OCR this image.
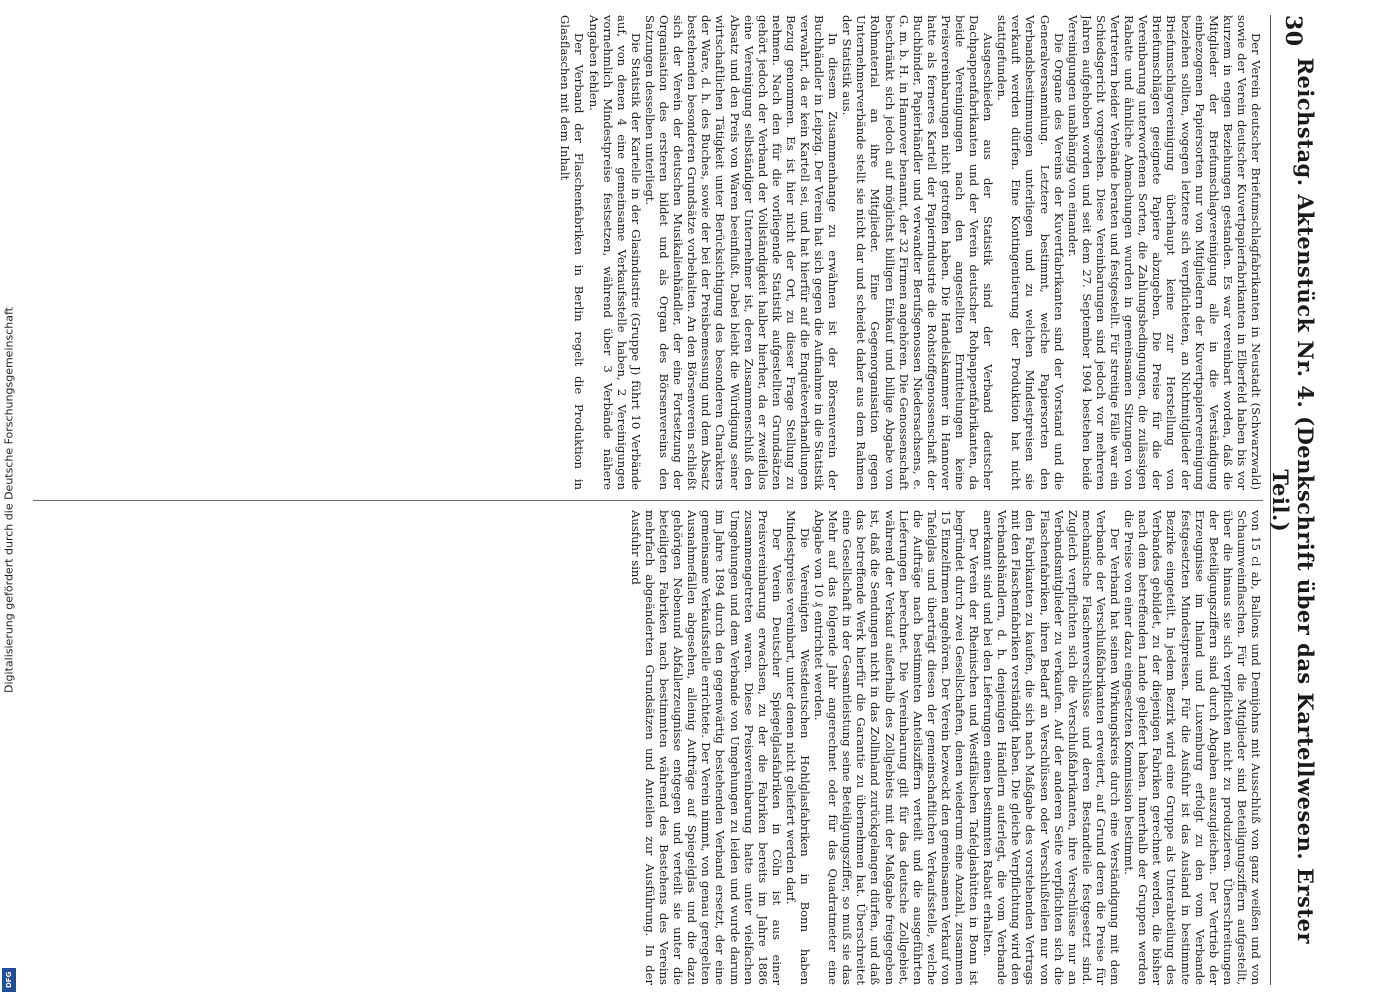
Digitalisierung gefördert durch die Deutsche Forschungsgemeinschaft
DFG
30
Reichstag. Aktenstück Nr. 4. (Denkschrift über das Kartellwesen. Erster Teil.)

Der Verein deutscher Briefumschlagfabrikanten in Neustadt (Schwarzwald) sowie der Verein deutscher Kuvertpapierfabrikanten in Elberfeld haben bis vor kurzem in engen Beziehungen gestanden. Es war vereinbart worden, daß die Mitglieder der Briefumschlagvereinigung alle in die Verständigung einbezogenen Papiersorten nur von Mitgliedern der Kuvertpapiervereinigung beziehen sollten, wogegen letztere sich verpflichteten, an Nichtmitglieder der Briefumschlagvereinigung überhaupt keine zur Herstellung von Briefumschlägen geeignete Papiere abzugeben. Die Preise für die der Vereinbarung unterworfenen Sorten, die Zahlungsbedingungen, die zulässigen Rabatte und ähnliche Abmachungen wurden in gemeinsamen Sitzungen von Vertretern beider Verbände beraten und festgestellt. Für streitige Fälle war ein Schiedsgericht vorgesehen. Diese Vereinbarungen sind jedoch vor mehreren Jahren aufgehoben worden und seit dem 27. September 1904 bestehen beide Vereinigungen unabhängig von einander.

Die Organe des Vereins der Kuvertfabrikanten sind der Vorstand und die Generalversammlung. Letztere bestimmt, welche Papiersorten den Verbandsbestimmungen unterliegen und zu welchen Mindestpreisen sie verkauft werden dürfen. Eine Kontingentierung der Produktion hat nicht stattgefunden.

Ausgeschieden aus der Statistik sind der Verband deutscher Dachpappenfabrikanten und der Verein deutscher Rohpappenfabrikanten, da beide Vereinigungen nach den angestellten Ermittelungen keine Preisvereinbarungen nicht getroffen haben. Die Handelskammer in Hannover hatte als ferneres Kartell der Papierindustrie die Rohstoffgenossenschaft der Buchbinder, Papierhändler und verwandter Berufsgenossen Niedersachsens, e. G. m. b. H. in Hannover benannt, der 32 Firmen angehören. Die Genossenschaft beschränkt sich jedoch auf möglichst billigen Einkauf und billige Abgabe von Rohmaterial an ihre Mitglieder. Eine Gegenorganisation gegen Unternehmerverbände stellt sie nicht dar und scheidet daher aus dem Rahmen der Statistik aus.

In diesem Zusammenhange zu erwähnen ist der Börsenverein der Buchhändler in Leipzig. Der Verein hat sich gegen die Aufnahme in die Statistik verwahrt, da er kein Kartell sei, und hat hierfür auf die Enquêteverhandlungen Bezug genommen. Es ist hier nicht der Ort, zu dieser Frage Stellung zu nehmen. Nach den für die vorliegende Statistik aufgestellten Grundsätzen gehört jedoch der Verband der Vollständigkeit halber hierher, da er zweifellos eine Vereinigung selbständiger Unternehmer ist, deren Zusammenschluß den Absatz und den Preis von Waren beeinflußt. Dabei bleibt die Würdigung seiner wirtschaftlichen Tätigkeit unter Berücksichtigung des besonderen Charakters der Ware, d. h. des Buches, sowie der bei der Preisbemessung und dem Absatz bestehenden besonderen Grundsätze vorbehalten. An den Börsenverein schließt sich der Verein der deutschen Musikalienhändler, der eine Fortsetzung der Organisation des ersteren bildet und als Organ des Börsenvereins den Satzungen desselben unterliegt.

Die Statistik der Kartelle in der Glasindustrie (Gruppe J) führt 10 Verbände auf, von denen 4 eine gemeinsame Verkaufsstelle haben, 2 Vereinigungen vornehmlich Mindestpreise festsetzen, während über 3 Verbände nähere Angaben fehlen.

Der Verband der Flaschenfabriken in Berlin regelt die Produktion in Glasflaschen mit dem Inhalt

von 15 cl ab, Ballons und Demijohns mit Ausschluß von ganz weißen und von Schaumweinflaschen. Für die Mitglieder sind Beteiligungsziffern aufgestellt, über die hinaus sie sich verpflichten nicht zu produzieren. Überschreitungen der Beteiligungsziffern sind durch Abgaben auszugleichen. Der Vertrieb der Erzeugnisse im Inland und Luxemburg erfolgt zu den vom Verbande festgesetzten Mindestpreisen. Für die Ausfuhr ist das Ausland in bestimmte Bezirke eingeteilt. In jedem Bezirk wird eine Gruppe als Unterabteilung des Verbandes gebildet, zu der diejenigen Fabriken gerechnet werden, die bisher nach dem betreffenden Lande geliefert haben. Innerhalb der Gruppen werden die Preise von einer dazu eingesetzten Kommission bestimmt.

Der Verband hat seinen Wirkungskreis durch eine Verständigung mit dem Verbande der Verschlußfabrikanten erweitert, auf Grund deren die Preise für mechanische Flaschenverschlüsse und deren Bestandteile festgesetzt sind. Zugleich verpflichten sich die Verschlußfabrikanten, ihre Verschlüsse nur an Verbandsmitglieder zu verkaufen. Auf der anderen Seite verpflichten sich die Flaschenfabriken, ihren Bedarf an Verschlüssen oder Verschlußteilen nur von den Fabrikanten zu kaufen, die sich nach Maßgabe des vorstehenden Vertrags mit den Flaschenfabriken verständigt haben. Die gleiche Verpflichtung wird den Verbandshändlern, d. h. denjenigen Händlern auferlegt, die vom Verbande anerkannt sind und bei den Lieferungen einen bestimmten Rabatt erhalten.

Der Verein der Rheinischen und Westfälischen Tafelglashütten in Bonn ist begründet durch zwei Gesellschaften, denen wiederum eine Anzahl, zusammen 15 Einzelfirmen angehören. Der Verein bezweckt den gemeinsamen Verkauf von Tafelglas und überträgt diesen der gemeinschaftlichen Verkaufsstelle, welche die Aufträge nach bestimmten Anteilsziffern verteilt und die ausgeführten Lieferungen berechnet. Die Vereinbarung gilt für das deutsche Zollgebiet, während der Verkauf außerhalb des Zollgebiets mit der Maßgabe freigegeben ist, daß die Sendungen nicht in das Zollinland zurückgelangen dürfen, und daß das betreffende Werk hierfür die Garantie zu übernehmen hat. Überschreitet eine Gesellschaft in der Gesamtleistung seine Beteiligungsziffer, so muß sie das Mehr auf das folgende Jahr angerechnet oder für das Quadratmeter eine Abgabe von 10 ₰ entrichtet werden.

Die Vereinigten Westdeutschen Hohlglasfabriken in Bonn haben Mindestpreise vereinbart, unter denen nicht geliefert werden darf.

Der Verein Deutscher Spiegelglasfabriken in Cöln ist aus einer Preisvereinbarung erwachsen, zu der die Fabriken bereits im Jahre 1886 zusammengetreten waren. Diese Preisvereinbarung hatte unter vielfachen Umgehungen und dem Verbande von Umgehungen zu leiden und wurde darum im Jahre 1894 durch den gegenwärtig bestehenden Verband ersetzt, der eine gemeinsame Verkaufsstelle errichtete. Der Verein nimmt, von genau geregelten Ausnahmefällen abgesehen, alleinig Aufträge auf Spiegelglas und die dazu gehörigen Nebenund Abfallerzeugnisse entgegen und verteilt sie unter die beteiligten Fabriken nach bestimmten während des Bestehens des Vereins mehrfach abgeänderten Grundsätzen und Anteilen zur Ausführung. In der Ausfuhr sind
